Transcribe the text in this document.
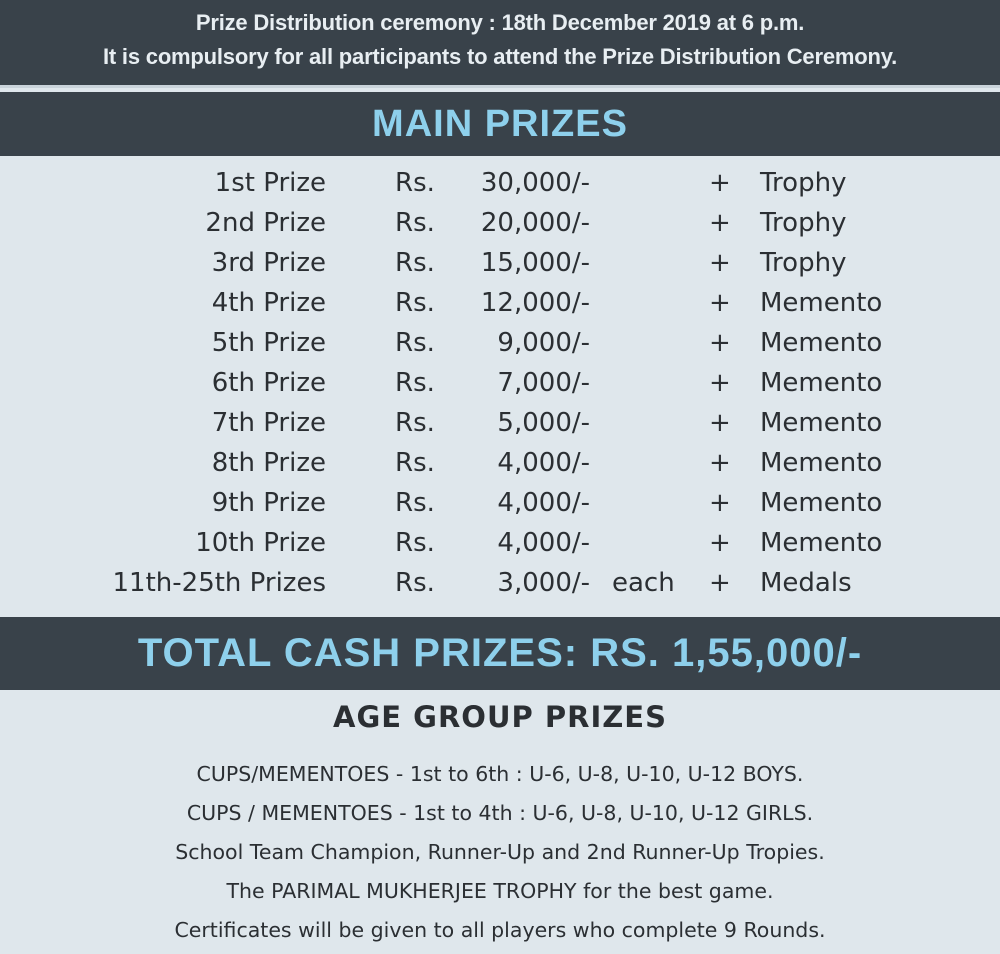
Prize Distribution ceremony : 18th December 2019 at 6 p.m.
It is compulsory for all participants to attend the Prize Distribution Ceremony.
MAIN PRIZES
1st Prize	Rs. 30,000/-	+ Trophy
2nd Prize	Rs. 20,000/-	+ Trophy
3rd Prize	Rs. 15,000/-	+ Trophy
4th Prize	Rs. 12,000/-	+ Memento
5th Prize	Rs. 9,000/-	+ Memento
6th Prize	Rs. 7,000/-	+ Memento
7th Prize	Rs. 5,000/-	+ Memento
8th Prize	Rs. 4,000/-	+ Memento
9th Prize	Rs. 4,000/-	+ Memento
10th Prize	Rs. 4,000/-	+ Memento
11th-25th Prizes	Rs. 3,000/- each + Medals
TOTAL CASH PRIZES: RS. 1,55,000/-
AGE GROUP PRIZES
CUPS/MEMENTOES - 1st to 6th : U-6, U-8, U-10, U-12 BOYS.
CUPS / MEMENTOES - 1st to 4th : U-6, U-8, U-10, U-12 GIRLS.
School Team Champion, Runner-Up and 2nd Runner-Up Tropies.
The PARIMAL MUKHERJEE TROPHY for the best game.
Certificates will be given to all players who complete 9 Rounds.
